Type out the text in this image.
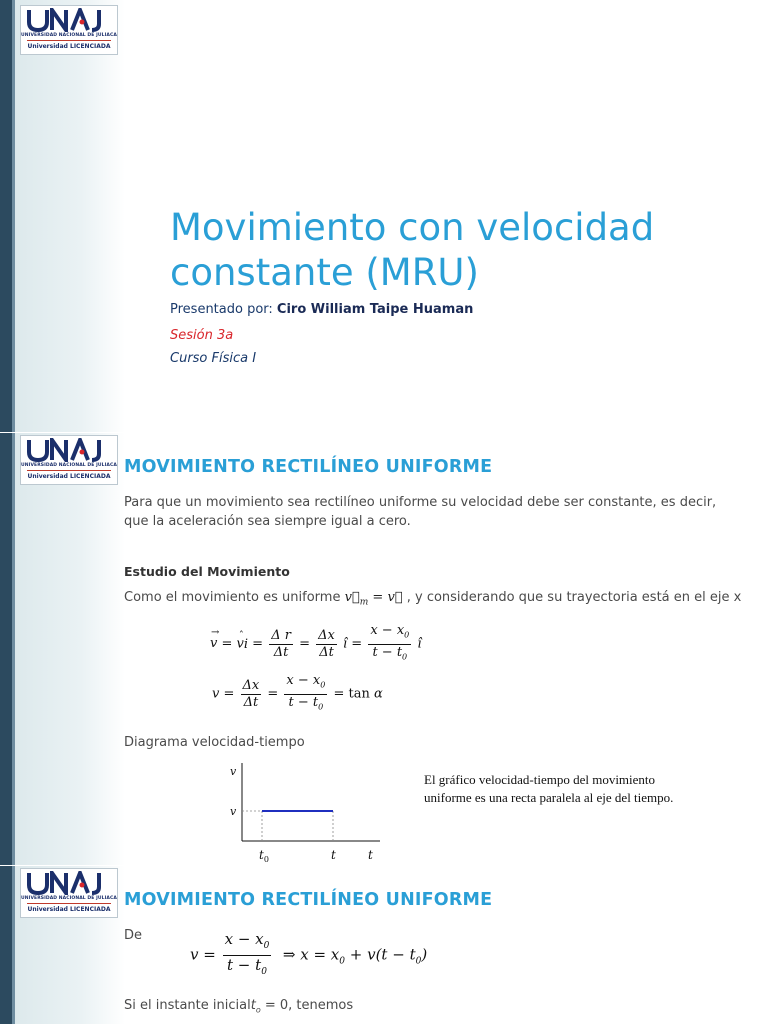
UNIVERSIDAD NACIONAL DE JULIACA
Universidad LICENCIADA
Movimiento con velocidad constante (MRU)
Presentado por: Ciro William Taipe Huaman
Sesión 3a
Curso Física I
UNIVERSIDAD NACIONAL DE JULIACA
Universidad LICENCIADA MOVIMIENTO RECTILÍNEO UNIFORME
Para que un movimiento sea rectilíneo uniforme su velocidad debe ser constante, es decir, que la aceleración sea siempre igual a cero.
Estudio del Movimiento
Como el movimiento es uniforme $v⃗_m$ = v⃗ , y considerando que su trayectoria está en el eje x
v
→
= vi
= $\frac{\text{Δ r}}{\Delta t} = \frac{\Delta x}{\Delta t}$ î = $\frac{x - x_0}{t - t_0}$ î
$v = \frac{\Delta x}{\Delta t} = \frac{x - x_0}{t - t_0} = \tan \alpha$
Diagrama velocidad-tiempo
v
v
$t_0$	t	t
El gráfico velocidad-tiempo del movimiento uniforme es una recta paralela al eje del tiempo.
UNIVERSIDAD NACIONAL DE JULIACA
Universidad LICENCIADA MOVIMIENTO RECTILÍNEO UNIFORME
De
$v = \frac{x - x_0}{t - t_0}$ ⇒ $x = x_0 + v(t - t_0)$
Si el instante inicialt$_o$ = 0, tenemos
